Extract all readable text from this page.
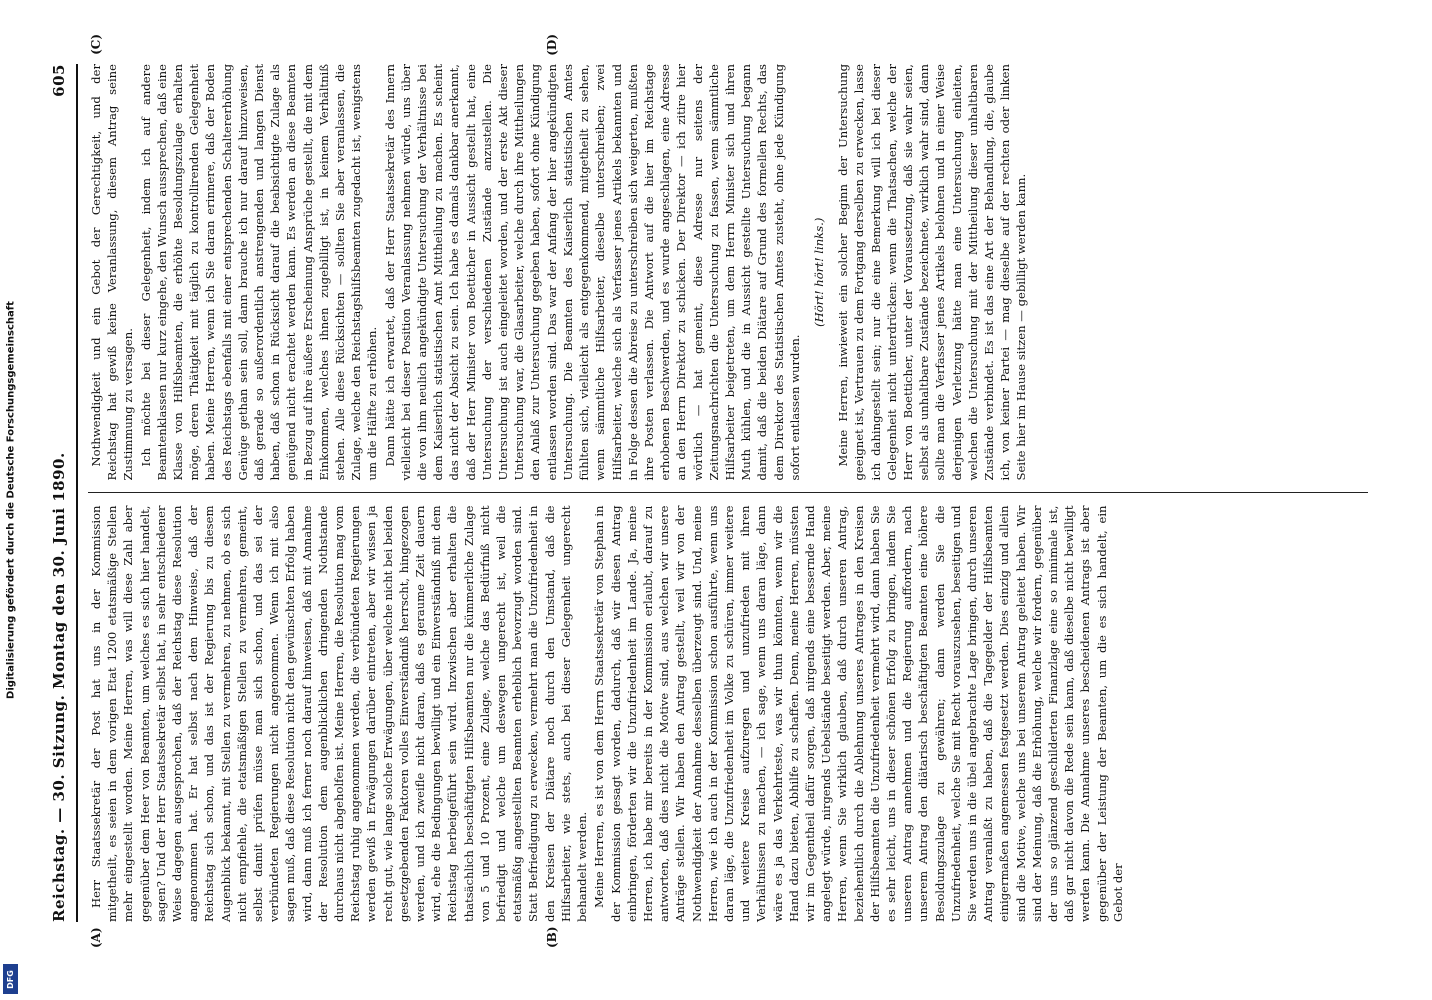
Reichstag. — 30. Sitzung. Montag den 30. Juni 1890.
605
(A)	(B)

Herr Staatssekretär der Post hat uns in der Kommission mitgetheilt, es seien in dem vorigen Etat 1200 etatsmäßige Stellen mehr eingestellt worden. Meine Herren, was will diese Zahl aber gegenüber dem Heer von Beamten, um welches es sich hier handelt, sagen? Und der Herr Staatssekretär selbst hat, in sehr entschiedener Weise dagegen ausgesprochen, daß der Reichstag diese Resolution angenommen hat. Er hat selbst nach dem Hinweise, daß der Reichstag sich schon, und das ist der Regierung bis zu diesem Augenblick bekannt, mit Stellen zu vermehren, zu nehmen, ob es sich nicht empfiehle, die etatsmäßigen Stellen zu vermehren, gemeint, selbst damit prüfen müsse man sich schon, und das sei der verbündeten Regierungen nicht angenommen. Wenn ich mit also sagen muß, daß diese Resolution nicht den gewünschten Erfolg haben wird, dann muß ich ferner noch darauf hinweisen, daß mit Annahme der Resolution dem augenblicklichen dringenden Nothstande durchaus nicht abgeholfen ist. Meine Herren, die Resolution mag vom Reichstag ruhig angenommen werden, die verbündeten Regierungen werden gewiß in Erwägungen darüber eintreten, aber wir wissen ja recht gut, wie lange solche Erwägungen, über welche nicht bei beiden gesetzgebenden Faktoren volles Einverständniß herrscht, hingezogen werden, und ich zweifle nicht daran, daß es geraume Zeit dauern wird, ehe die Bedingungen bewilligt und ein Einverständniß mit dem Reichstag herbeigeführt sein wird. Inzwischen aber erhalten die thatsächlich beschäftigten Hilfsbeamten nur die kümmerliche Zulage von 5 und 10 Prozent, eine Zulage, welche das Bedürfniß nicht befriedigt und welche um deswegen ungerecht ist, weil die etatsmäßig angestellten Beamten erheblich bevorzugt worden sind. Statt Befriedigung zu erwecken, vermehrt man die Unzufriedenheit in den Kreisen der Diätare noch durch den Umstand, daß die Hilfsarbeiter, wie stets, auch bei dieser Gelegenheit ungerecht behandelt werden. Meine Herren, es ist von dem Herrn Staatssekretär von Stephan in der Kommission gesagt worden, dadurch, daß wir diesen Antrag einbringen, förderten wir die Unzufriedenheit im Lande. Ja, meine Herren, ich habe mir bereits in der Kommission erlaubt, darauf zu antworten, daß dies nicht die Motive sind, aus welchen wir unsere Anträge stellen. Wir haben den Antrag gestellt, weil wir von der Nothwendigkeit der Annahme desselben überzeugt sind. Und, meine Herren, wie ich auch in der Kommission schon ausführte, wenn uns daran läge, die Unzufriedenheit im Volke zu schüren, immer weitere und weitere Kreise aufzuregen und unzufrieden mit ihren Verhältnissen zu machen, — ich sage, wenn uns daran läge, dann wäre es ja das Verkehrteste, was wir thun könnten, wenn wir die Hand dazu bieten, Abhilfe zu schaffen. Denn, meine Herren, müssten wir im Gegentheil dafür sorgen, daß nirgends eine bessernde Hand angelegt würde, nirgends Uebelstände beseitigt werden. Aber, meine Herren, wenn Sie wirklich glauben, daß durch unseren Antrag, beziehentlich durch die Ablehnung unseres Antrages in den Kreisen der Hilfsbeamten die Unzufriedenheit vermehrt wird, dann haben Sie es sehr leicht, uns in dieser schönen Erfolg zu bringen, indem Sie unseren Antrag annehmen und die Regierung auffordern, nach unserem Antrag den diätarisch beschäftigten Beamten eine höhere Besoldungszulage zu gewähren; dann werden Sie die Unzufriedenheit, welche Sie mit Recht vorauszusehen, beseitigen und Sie werden uns in die übel angebrachte Lage bringen, durch unseren Antrag veranlaßt zu haben, daß die Tagegelder der Hilfsbeamten einigermaßen angemessen festgesetzt werden. Dies einzig und allein sind die Motive, welche uns bei unserem Antrag geleitet haben. Wir sind der Meinung, daß die Erhöhung, welche wir fordern, gegenüber der uns so glänzend geschilderten Finanzlage eine so minimale ist, daß gar nicht davon die Rede sein kann, daß dieselbe nicht bewilligt werden kann. Die Annahme unseres bescheidenen Antrags ist aber gegenüber der Leistung der Beamten, um die es sich handelt, ein Gebot der

(C)	(D)

Nothwendigkeit und ein Gebot der Gerechtigkeit, und der Reichstag hat gewiß keine Veranlassung, diesem Antrag seine Zustimmung zu versagen. Ich möchte bei dieser Gelegenheit, indem ich auf andere Beamtenklassen nur kurz eingehe, den Wunsch aussprechen, daß eine Klasse von Hilfsbeamten, die erhöhte Besoldungszulage erhalten möge, deren Thätigkeit mit täglich zu kontrollirenden Gelegenheit haben. Meine Herren, wenn ich Sie daran erinnere, daß der Boden des Reichstags ebenfalls mit einer entsprechenden Schaltererhöhung Genüge gethan sein soll, dann brauche ich nur darauf hinzuweisen, daß gerade so außerordentlich anstrengenden und langen Dienst haben, daß schon in Rücksicht darauf die beabsichtigte Zulage als genügend nicht erachtet werden kann. Es werden an diese Beamten in Bezug auf ihre äußere Erscheinung Ansprüche gestellt, die mit dem Einkommen, welches ihnen zugebilligt ist, in keinem Verhältniß stehen. Alle diese Rücksichten — sollten Sie aber veranlassen, die Zulage, welche den Reichstagshilfsbeamten zugedacht ist, wenigstens um die Hälfte zu erhöhen. Dann hätte ich erwartet, daß der Herr Staatssekretär des Innern vielleicht bei dieser Position Veranlassung nehmen würde, uns über die von ihm neulich angekündigte Untersuchung der Verhältnisse bei dem Kaiserlich statistischen Amt Mittheilung zu machen. Es scheint das nicht der Absicht zu sein. Ich habe es damals dankbar anerkannt, daß der Herr Minister von Boetticher in Aussicht gestellt hat, eine Untersuchung der verschiedenen Zustände anzustellen. Die Untersuchung ist auch eingeleitet worden, und der erste Akt dieser Untersuchung war, die Glasarbeiter, welche durch ihre Mittheilungen den Anlaß zur Untersuchung gegeben haben, sofort ohne Kündigung entlassen worden sind. Das war der Anfang der hier angekündigten Untersuchung. Die Beamten des Kaiserlich statistischen Amtes fühlten sich, vielleicht als entgegenkommend, mitgetheilt zu sehen, wenn sämmtliche Hilfsarbeiter, dieselbe unterschreiben; zwei Hilfsarbeiter, welche sich als Verfasser jenes Artikels bekannten und in Folge dessen die Abreise zu unterschreiben sich weigerten, mußten ihre Posten verlassen. Die Antwort auf die hier im Reichstage erhobenen Beschwerden, und es wurde angeschlagen, eine Adresse an den Herrn Direktor zu schicken. Der Direktor — ich zitire hier wörtlich — hat gemeint, diese Adresse nur seitens der Zeitungsnachrichten die Untersuchung zu fassen, wenn sämmtliche Hilfsarbeiter beigetreten, um dem Herrn Minister sich und ihren Muth kühlen, und die in Aussicht gestellte Untersuchung begann damit, daß die beiden Diätare auf Grund des formellen Rechts, das dem Direktor des Statistischen Amtes zusteht, ohne jede Kündigung sofort entlassen wurden.

(Hört! hört! links.) Meine Herren, inwieweit ein solcher Beginn der Untersuchung geeignet ist, Vertrauen zu dem Fortgang derselben zu erwecken, lasse ich dahingestellt sein; nur die eine Bemerkung will ich bei dieser Gelegenheit nicht unterdrücken: wenn die Thatsachen, welche der Herr von Boetticher, unter der Voraussetzung, daß sie wahr seien, selbst als unhaltbare Zustände bezeichnete, wirklich wahr sind, dann sollte man die Verfasser jenes Artikels belohnen und in einer Weise derjenigen Verletzung hätte man eine Untersuchung einleiten, welchen die Untersuchung mit der Mittheilung dieser unhaltbaren Zustände verbindet. Es ist das eine Art der Behandlung, die, glaube ich, von keiner Partei — mag dieselbe auf der rechten oder linken Seite hier im Hause sitzen — gebilligt werden kann.

Digitalisierung gefördert durch die Deutsche Forschungsgemeinschaft
DFG
